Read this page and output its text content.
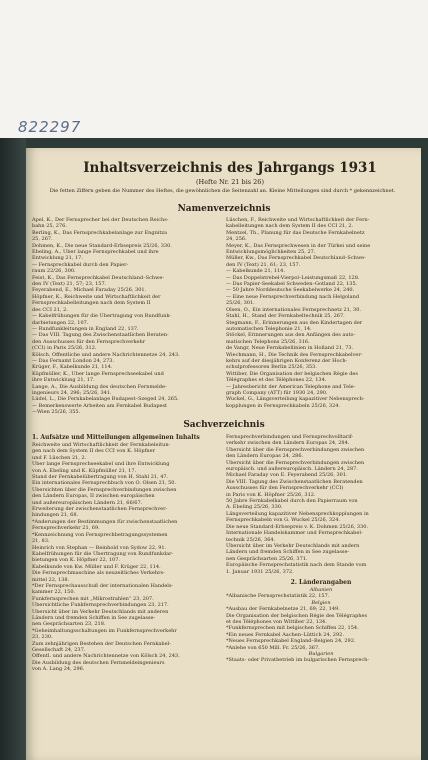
822297
Inhaltsverzeichnis des Jahrgangs 1931
(Hefte Nr. 21 bis 26)
Die fetten Ziffern geben die Nummer des Heftes, die gewöhnlichen die Seitenzahl an. Kleine Mitteilungen sind durch * gekennzeichnet.
Namenverzeichnis
Apel, K., Der Fernsprecher bei der Deutschen Reichs-
bahn 25, 276.
Berling, K., Das Fernsprechkabelanlage zur Engnitza
25, 267.
Dohmen, K., Die neue Standard-Erbsepreis 25/26, 330.
Ebeling, A., Über lange Fernsprechkabel und ihre
Entwicklung 21, 17.
— Fernsprechkabel durch den Papier-
raum 22/26, 300.
Feist, K., Das Fernsprechkabel Deutschland–Schwe-
den IV (Text) 21, 57; 23, 157.
Feyerabend, E., Michael Faraday 25/26, 301.
Höpfner, K., Reichweite und Wirtschaftlichkeit der
Fernsprechkabelleitungen nach dem System II
des CCI 21, 2.
— Kabelfrühungen für die Übertragung von Rundfunk-
darbietungen 22, 107.
— Rundfunkleitungen in England 22, 137.
— Das VIII. Tagung des Zwischenstaatlichen Beraten-
den Ausschusses für den Fernsprechverkehr
(CCI) in Paris 25/26, 312.
Kölsch, Öffentliche und andere Nachrichtennetze 24, 243.
— Das Fernamt London 24, 273.
Krüger, F., Kabelkunde 21, 114.
Küpfmüller, K., Über lange Fernsprechseekabel und
ihre Entwicklung 21, 17.
Lange, A., Die Ausbildung des deutschen Fernmelde-
ingenieurs 24, 296; 25/26, 341.
Lüdel, L., Die Fernkabelanlage Budapest–Szeged 24, 265.
— Bemerkenswerte Arbeiten am Fernkabel Budapest
—Wien 25/26, 355.
Lüschen, F., Reichweite und Wirtschaftlichkeit der Fern-
kabelleitungen nach dem System II des CCI 21, 2.
Mentzel, Th., Planung für das Deutsche Fernkabelnetz
24, 256.
Meyer, K., Das Fernsprechwesen in der Türkei und seine
Entwicklungsmöglichkeiten 25, 27.
Müller, Kw., Das Fernsprechkabel Deutschland–Schwe-
den IV (Text) 21, 61; 23, 157.
— Kabelkunde 21, 114.
— Das Doppelstrebel-Vierpol–Leistungsmaß 22, 128.
— Das Papier-Seekabel Schweden–Gotland 22, 135.
— 50 Jahre Norddeutsche Seekabelwerke 24, 240.
— Eine neue Fernsprechverbindung nach Helgoland
25/26, 301.
Olsen, O., Ein internationales Fernsprechnetz 21, 30.
Stahl, H., Stand der Fernkabeltechnik 25, 267.
Stegmann, F., Erinnerungen aus den Kindertagen der
automatischen Telephonie 21, 14.
Stöckel, Erinnerungen aus den Anfängen des auto-
matischen Telephons 25/26, 316.
de Vangr, Neue Fernkabellinien in Holland 21, 73.
Wiechmann, H., Die Technik des Fernsprechkabelver-
kehrs auf der diesjährigen Konferenz der Hoch-
schulprofessoren Berlin 25/26, 353.
Wittiber, Die Organisation der belgischen Régie des
Télégraphes et des Téléphones 22, 134.
— Jahresbericht der American Telephone and Tele-
graph Company (ATT) für 1930 24, 290.
Wuckel, G., Längsverteilung kapazitiver Nebensprech-
kopplungen in Fernsprechkabeln 25/26, 324.
Sachverzeichnis
1. Aufsätze und Mitteilungen allgemeinen Inhalts
Reichweite und Wirtschaftlichkeit der Fernkabeleitun-
gen nach dem System II des CCI von K. Höpfner
und F. Lüschen 21, 2.
Über lange Fernsprechseekabel und ihre Entwicklung
von A. Ebeling und K. Küpfmüller 21, 17.
Stand der Fernkabelübertragung von H. Stahl 21, 47.
Ein internationales Fernsprechbuch von O. Olsen 21, 50.
Übersichten über die Fernsprechverbindungen zwischen
den Ländern Europas, II zwischen europäischen
und außereuropäischen Ländern 21, 66/67.
Erweiterung der zwischenstaatlichen Fernsprechver-
bindungen 21, 68.
*Änderungen der Bestimmungen für zwischenstaatlichen
Fernsprechverkehr 21, 69.
*Kennzeichnung von Fernsprechbetragungssystemen
21, 83.
Heinrich von Stephan — Reinhold von Sydow 22, 91.
Kabelfrühungen für die Übertragung von Rundfunkdar-
bietungen von K. Höpfner 22, 107.
Kabelkunde von Kw. Müller und F. Krüger 22, 114.
Die Fernsprechmaschine als neuzeitliches Verkehrs-
mittel 22, 138.
*Der Fernsprechausschuß der internationalen Handels-
kammer 22, 150.
Funkfernsprechen mit „Mikrostrahlen“ 23, 207.
Übersichtliche Funkfernsprechverbindungen 23, 217.
Übersicht über im Verkehr Deutschlands mit anderen
Ländern und fremden Schiffen in See zugelasse-
nen Gesprächsarten 23, 218.
*Geheimhaltungsschaltungen im Funkfernsprechverkehr
23, 230.
Zum zehnjährigen Bestehen der Deutschen Fernkabel-
Gesellschaft 24, 237.
Öffentl. und andere Nachrichtennetze von Kölsch 24, 243.
Die Ausbildung des deutschen Fernmeldeingenieurs
von A. Lang 24, 296.
Fernsprechverbindungen und Fernsprechvolltarif-
verkehr zwischen den Ländern Europas 24, 284.
Übersicht über die Fernsprechverbindungen zwischen
den Ländern Europas 24, 286.
Übersicht über die Fernsprechverbindungen zwischen
europäisch. und außereuropäisch. Ländern 24, 287.
Michael Faraday von E. Feyerabend 25/26, 301.
Die VIII. Tagung des Zwischenstaatlichen Beratenden
Ausschusses für den Fernsprechverkehr (CCI)
in Paris von K. Höpfner 25/26, 312.
50 Jahre Fernkabelkabel durch den Papierraum von
A. Ebeling 25/26, 330.
Längsverteilung kapazitiver Nebensprechkopplungen in
Fernsprechkabeln von G. Wuckel 25/26, 324.
Die neue Standard-Erbsepreis v. K. Dohmen 25/26, 330.
Internationale Handelskammer und Fernsprechkabel-
technik 25/26, 364.
Übersicht über im Verkehr Deutschlands mit andern
Ländern und fremden Schiffen in See zugelasse-
nen Gesprächsarten 25/26, 371.
Europäische Fernsprechstatistik nach dem Stande vom
1. Januar 1931 25/26, 372.
2. Länderangaben
Albanien
*Albanische Fernsprechstatistik 22, 157.
Belgien
*Ausbau der Fernkabelnetze 21, 69; 22, 149.
Die Organisation der belgischen Régie des Télégraphes
et des Téléphones von Wittiber 22, 134.
*Funkfernsprechen mit belgischen Schiffen 22, 154.
*Ein neues Fernkabel Aachen–Lüttich 24, 292.
*Neues Fernsprechkabel England–Belgien 24, 292.
*Anlehe von 650 Mill. Fr. 25/26, 367.
Bulgarien
*Staats- oder Privatbetrieb im bulgarischen Fernsprech-
